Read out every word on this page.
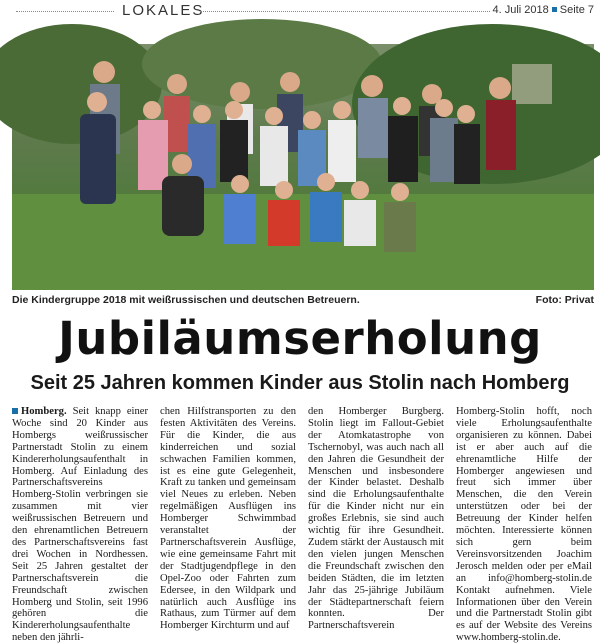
LOKALES	4. Juli 2018 Seite 7
Die Kindergruppe 2018 mit weißrussischen und deutschen Betreuern.	Foto: Privat
Jubiläumserholung
Seit 25 Jahren kommen Kinder aus Stolin nach Homberg

Homberg. Seit knapp einer Woche sind 20 Kinder aus Hombergs weißrussischer Partnerstadt Stolin zu einem Kindererholungsaufenthalt in Homberg. Auf Einladung des Partnerschaftsvereins Homberg-Stolin verbringen sie zusammen mit vier weißrussischen Betreuern und den ehrenamtlichen Betreuern des Partnerschaftsvereins fast drei Wochen in Nordhessen. Seit 25 Jahren gestaltet der Partnerschaftsverein die Freundschaft zwischen Homberg und Stolin, seit 1996 gehören die Kindererholungsaufenthalte neben den jährli-

chen Hilfstransporten zu den festen Aktivitäten des Vereins. Für die Kinder, die aus kinderreichen und sozial schwachen Familien kommen, ist es eine gute Gelegenheit, Kraft zu tanken und gemeinsam viel Neues zu erleben. Neben regelmäßigen Ausflügen ins Homberger Schwimmbad veranstaltet der Partnerschaftsverein Ausflüge, wie eine gemeinsame Fahrt mit der Stadtjugendpflege in den Opel-Zoo oder Fahrten zum Edersee, in den Wildpark und natürlich auch Ausflüge ins Rathaus, zum Türmer auf dem Homberger Kirchturm und auf

den Homberger Burgberg. Stolin liegt im Fallout-Gebiet der Atomkatastrophe von Tschernobyl, was auch nach all den Jahren die Gesundheit der Menschen und insbesondere der Kinder belastet. Deshalb sind die Erholungsaufenthalte für die Kinder nicht nur ein großes Erlebnis, sie sind auch wichtig für ihre Gesundheit. Zudem stärkt der Austausch mit den vielen jungen Menschen die Freundschaft zwischen den beiden Städten, die im letzten Jahr das 25-jährige Jubiläum der Städtepartnerschaft feiern konnten. Der Partnerschaftsverein

Homberg-Stolin hofft, noch viele Erholungsaufenthalte organisieren zu können. Dabei ist er aber auch auf die ehrenamtliche Hilfe der Homberger angewiesen und freut sich immer über Menschen, die den Verein unterstützen oder bei der Betreuung der Kinder helfen möchten. Interessierte können sich gern beim Vereinsvorsitzenden Joachim Jerosch melden oder per eMail an info@homberg-stolin.de Kontakt aufnehmen. Viele Informationen über den Verein und die Partnerstadt Stolin gibt es auf der Website des Vereins www.homberg-stolin.de.
